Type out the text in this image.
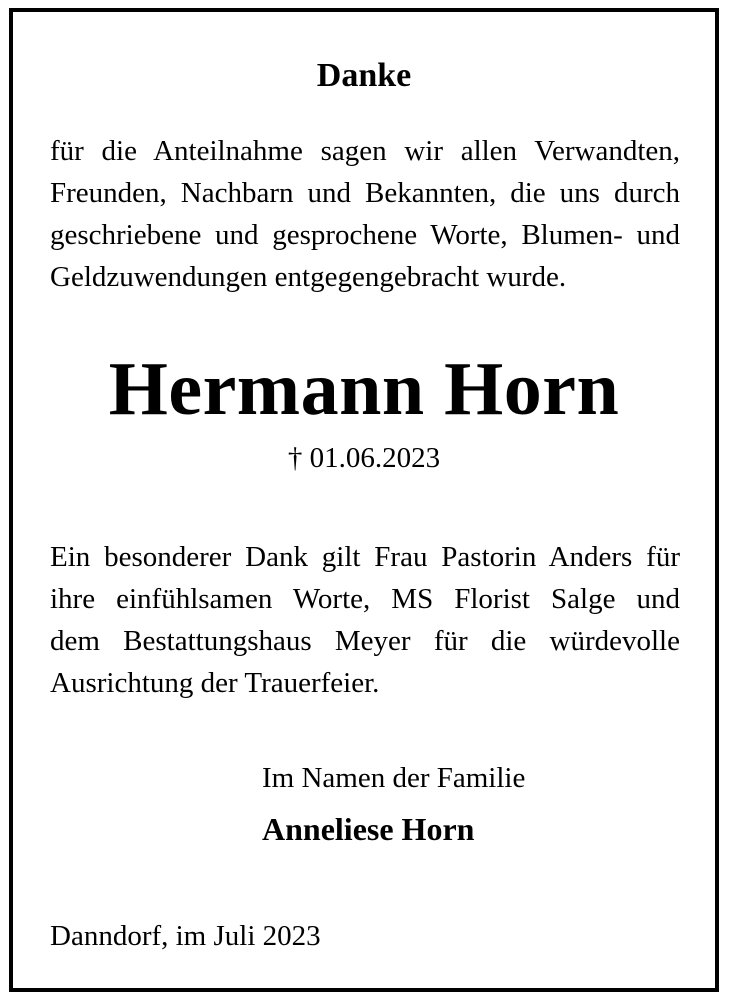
Danke
für die Anteilnahme sagen wir allen Verwandten,
Freunden, Nachbarn und Bekannten, die uns durch
geschriebene und gesprochene Worte, Blumen- und
Geldzuwendungen entgegengebracht wurde.
Hermann Horn
† 01.06.2023
Ein besonderer Dank gilt Frau Pastorin Anders für
ihre einfühlsamen Worte, MS Florist Salge und
dem Bestattungshaus Meyer für die würdevolle
Ausrichtung der Trauerfeier.
Im Namen der Familie
Anneliese Horn
Danndorf, im Juli 2023
